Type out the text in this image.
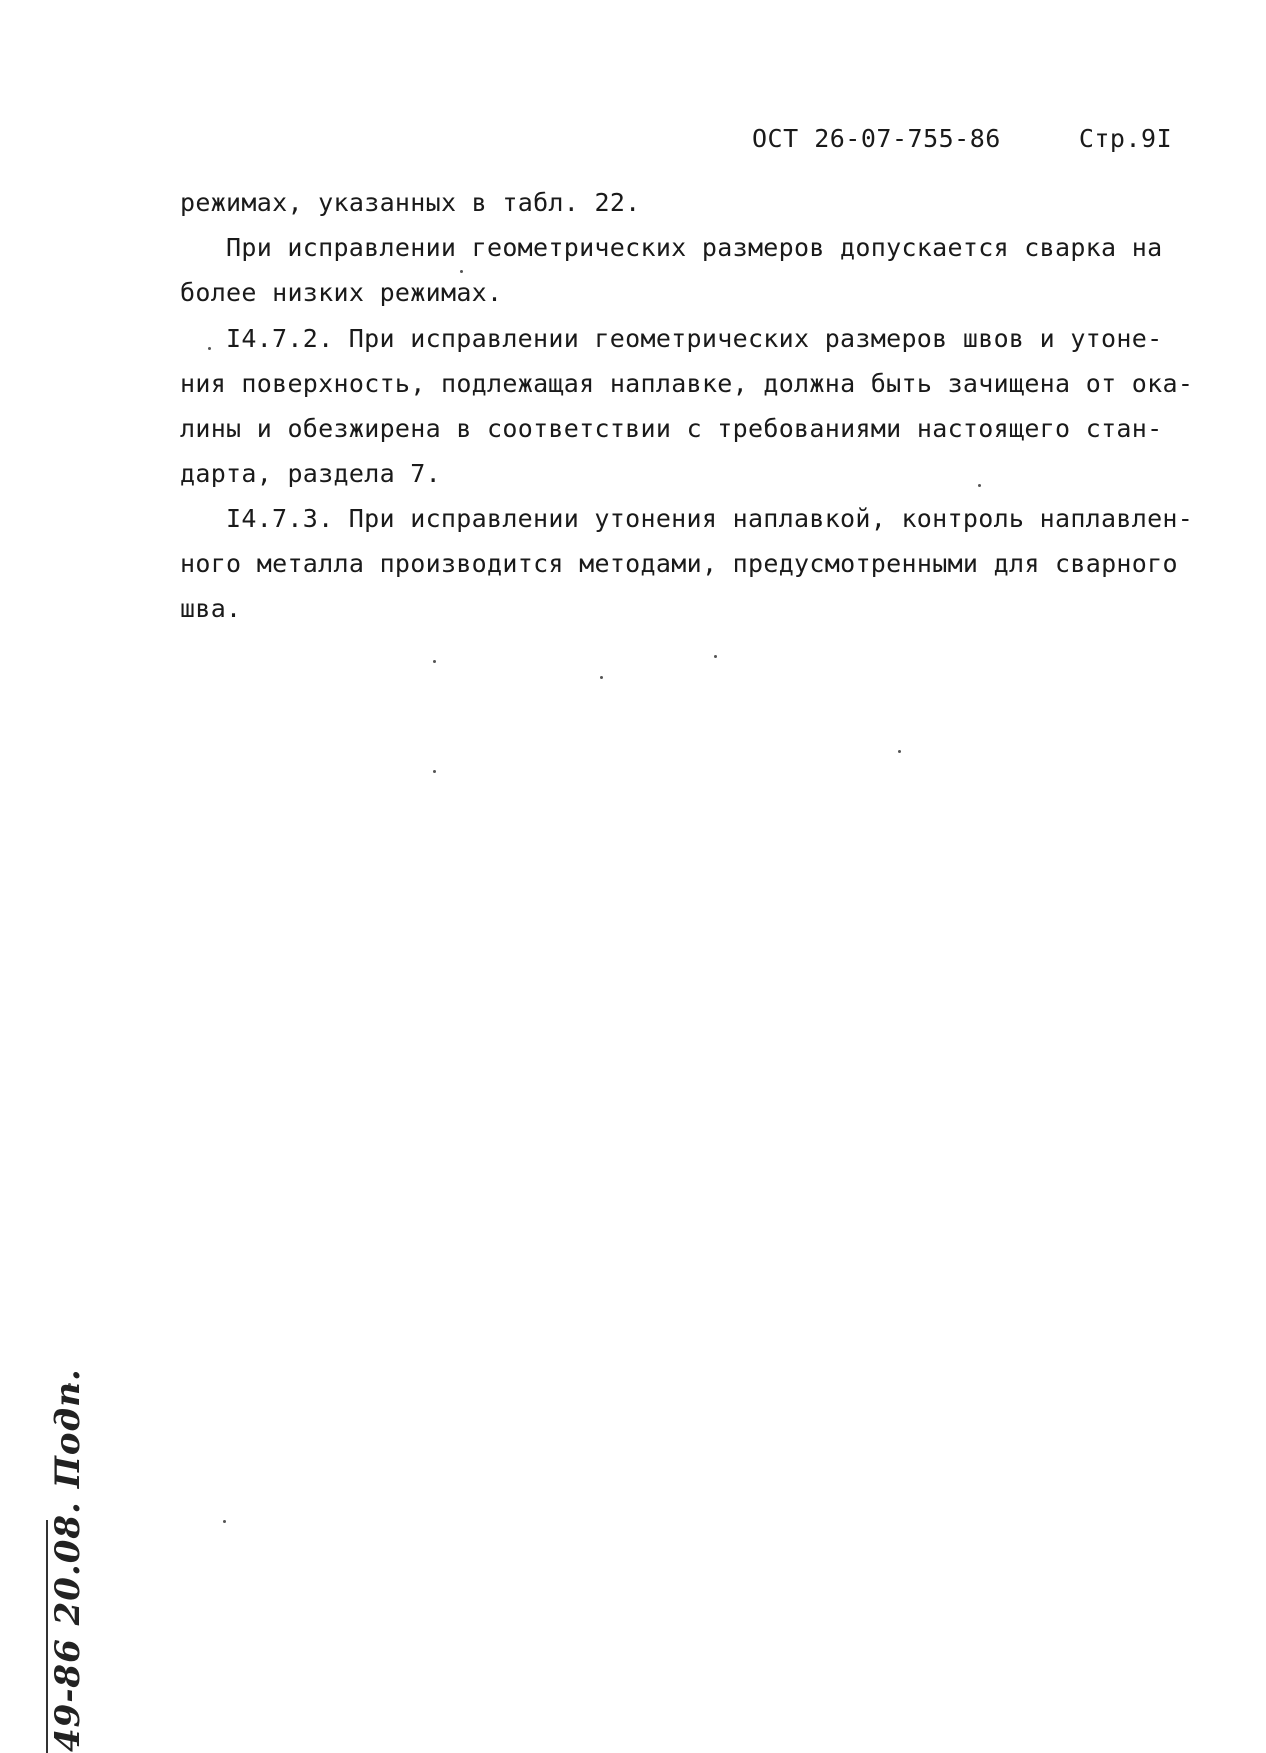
ОСТ 26-07-755-86	Стр.9I
режимах, указанных в табл. 22.
При исправлении геометрических размеров допускается сварка на
более низких режимах.
I4.7.2. При исправлении геометрических размеров швов и утоне-
ния поверхность, подлежащая наплавке, должна быть зачищена от ока-
лины и обезжирена в соответствии с требованиями настоящего стан-
дарта, раздела 7.
I4.7.3. При исправлении утонения наплавкой, контроль наплавлен-
ного металла производится методами, предусмотренными для сварного
шва.
49-86 20.08. Подп.
